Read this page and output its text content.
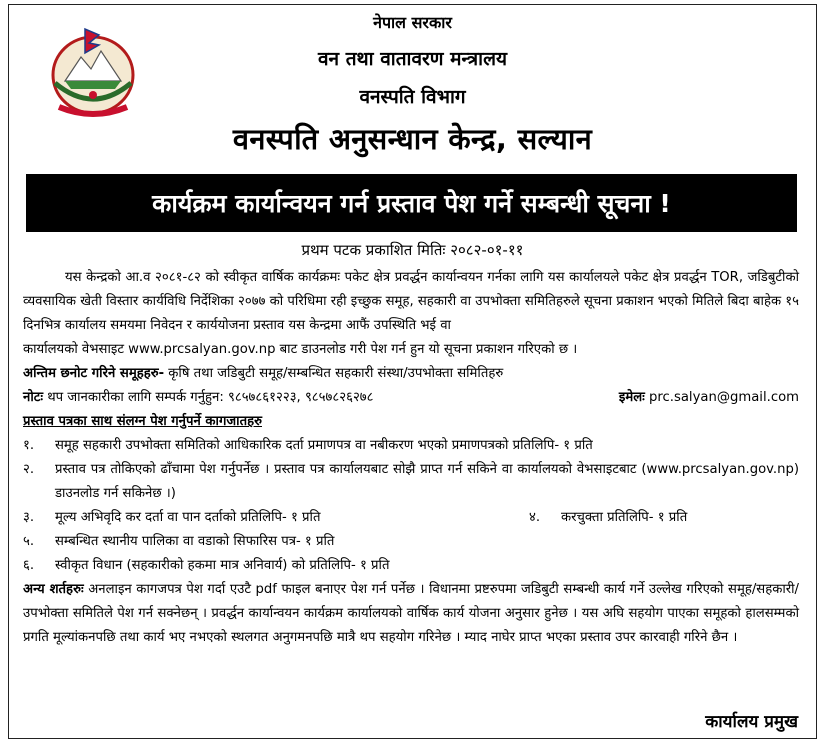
नेपाल सरकार
वन तथा वातावरण मन्त्रालय
वनस्पति विभाग
वनस्पति अनुसन्धान केन्द्र, सल्यान
कार्यक्रम कार्यान्वयन गर्न प्रस्ताव पेश गर्ने सम्बन्धी सूचना !
प्रथम पटक प्रकाशित मितिः २०८२-०१-११
यस केन्द्रको आ.व २०८१-८२ को स्वीकृत वार्षिक कार्यक्रमः पकेट क्षेत्र प्रवर्द्धन कार्यान्वयन गर्नका लागि यस कार्यालयले पकेट क्षेत्र प्रवर्द्धन TOR, जडिबुटीको व्यवसायिक खेती विस्तार कार्यविधि निर्देशिका २०७७ को परिधिमा रही इच्छुक समूह, सहकारी वा उपभोक्ता समितिहरुले सूचना प्रकाशन भएको मितिले बिदा बाहेक १५ दिनभित्र कार्यालय समयमा निवेदन र कार्ययोजना प्रस्ताव यस केन्द्रमा आफैं उपस्थिति भई वा
कार्यालयको वेभसाइट www.prcsalyan.gov.np बाट डाउनलोड गरी पेश गर्न हुन यो सूचना प्रकाशन गरिएको छ ।
अन्तिम छनोट गरिने समूहहरु- कृषि तथा जडिबुटी समूह/सम्बन्धित सहकारी संस्था/उपभोक्ता समितिहरु
नोटः थप जानकारीका लागि सम्पर्क गर्नुहुन: ९८५७८६१२२३, ९८५७८२६२७८	इमेलः prc.salyan@gmail.com
प्रस्ताव पत्रका साथ संलग्न पेश गर्नुपर्ने कागजातहरु
१.	समूह सहकारी उपभोक्ता समितिको आधिकारिक दर्ता प्रमाणपत्र वा नबीकरण भएको प्रमाणपत्रको प्रतिलिपि- १ प्रति
२.	प्रस्ताव पत्र तोकिएको ढाँचामा पेश गर्नुपर्नेछ । प्रस्ताव पत्र कार्यालयबाट सोझै प्राप्त गर्न सकिने वा कार्यालयको वेभसाइटबाट (www.prcsalyan.gov.np) डाउनलोड गर्न सकिनेछ ।)
३.	मूल्य अभिवृदि कर दर्ता वा पान दर्ताको प्रतिलिपि- १ प्रति	४.	करचुक्ता प्रतिलिपि- १ प्रति
५.	सम्बन्धित स्थानीय पालिका वा वडाको सिफारिस पत्र- १ प्रति
६.	स्वीकृत विधान (सहकारीको हकमा मात्र अनिवार्य) को प्रतिलिपि- १ प्रति
अन्य शर्तहरुः अनलाइन कागजपत्र पेश गर्दा एउटै pdf फाइल बनाएर पेश गर्न पर्नेछ । विधानमा प्रष्टरुपमा जडिबुटी सम्बन्धी कार्य गर्ने उल्लेख गरिएको समूह/सहकारी/उपभोक्ता समितिले पेश गर्न सक्नेछन् । प्रवर्द्धन कार्यान्वयन कार्यक्रम कार्यालयको वार्षिक कार्य योजना अनुसार हुनेछ । यस अघि सहयोग पाएका समूहको हालसम्मको प्रगति मूल्यांकनपछि तथा कार्य भए नभएको स्थलगत अनुगमनपछि मात्रै थप सहयोग गरिनेछ । म्याद नाघेर प्राप्त भएका प्रस्ताव उपर कारवाही गरिने छैन ।
कार्यालय प्रमुख
